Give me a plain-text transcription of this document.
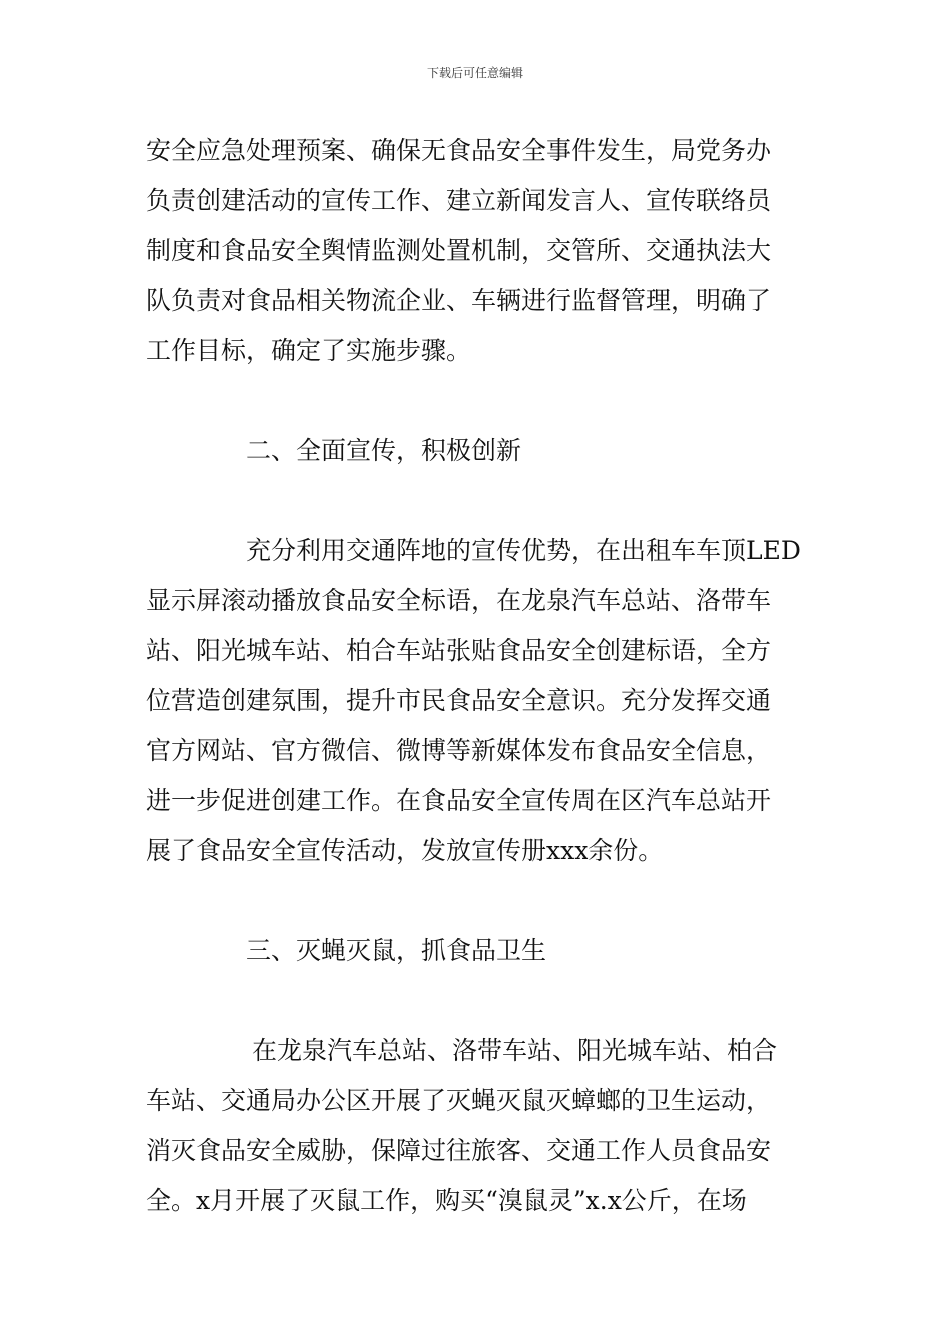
下载后可任意编辑
安全应急处理预案、确保无食品安全事件发生，局党务办
负责创建活动的宣传工作、建立新闻发言人、宣传联络员
制度和食品安全舆情监测处置机制，交管所、交通执法大
队负责对食品相关物流企业、车辆进行监督管理，明确了
工作目标，确定了实施步骤。
二、全面宣传，积极创新
充分利用交通阵地的宣传优势，在出租车车顶LED
显示屏滚动播放食品安全标语，在龙泉汽车总站、洛带车
站、阳光城车站、柏合车站张贴食品安全创建标语，全方
位营造创建氛围，提升市民食品安全意识。充分发挥交通
官方网站、官方微信、微博等新媒体发布食品安全信息，
进一步促进创建工作。在食品安全宣传周在区汽车总站开
展了食品安全宣传活动，发放宣传册xxx余份。
三、灭蝇灭鼠，抓食品卫生
在龙泉汽车总站、洛带车站、阳光城车站、柏合
车站、交通局办公区开展了灭蝇灭鼠灭蟑螂的卫生运动，
消灭食品安全威胁，保障过往旅客、交通工作人员食品安
全。x月开展了灭鼠工作，购买“溴鼠灵”x.x公斤，在场
